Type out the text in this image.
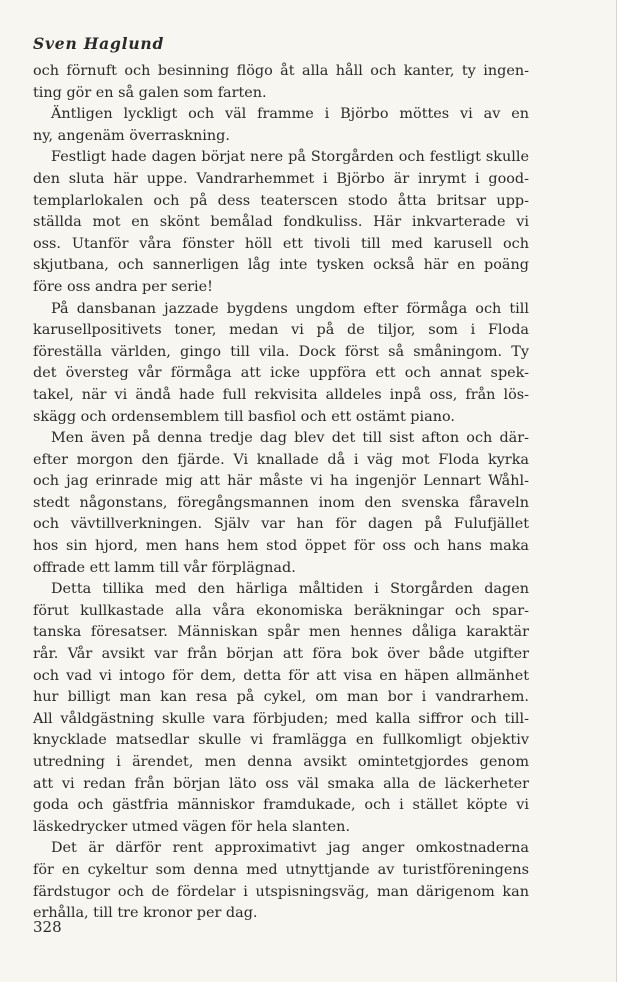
Sven Haglund

och förnuft och besinning flögo åt alla håll och kanter, ty ingen-

ting gör en så galen som farten.

Äntligen lyckligt och väl framme i Björbo möttes vi av en

ny, angenäm överraskning.

Festligt hade dagen börjat nere på Storgården och festligt skulle

den sluta här uppe. Vandrarhemmet i Björbo är inrymt i good-

templarlokalen och på dess teaterscen stodo åtta britsar upp-

ställda mot en skönt bemålad fondkuliss. Här inkvarterade vi

oss. Utanför våra fönster höll ett tivoli till med karusell och

skjutbana, och sannerligen låg inte tysken också här en poäng

före oss andra per serie!

På dansbanan jazzade bygdens ungdom efter förmåga och till

karusellpositivets toner, medan vi på de tiljor, som i Floda

föreställa världen, gingo till vila. Dock först så småningom. Ty

det översteg vår förmåga att icke uppföra ett och annat spek-

takel, när vi ändå hade full rekvisita alldeles inpå oss, från lös-

skägg och ordensemblem till basfiol och ett ostämt piano.

Men även på denna tredje dag blev det till sist afton och där-

efter morgon den fjärde. Vi knallade då i väg mot Floda kyrka

och jag erinrade mig att här måste vi ha ingenjör Lennart Wåhl-

stedt någonstans, föregångsmannen inom den svenska fåraveln

och vävtillverkningen. Själv var han för dagen på Fulufjället

hos sin hjord, men hans hem stod öppet för oss och hans maka

offrade ett lamm till vår förplägnad.

Detta tillika med den härliga måltiden i Storgården dagen

förut kullkastade alla våra ekonomiska beräkningar och spar-

tanska föresatser. Människan spår men hennes dåliga karaktär

rår. Vår avsikt var från början att föra bok över både utgifter

och vad vi intogo för dem, detta för att visa en häpen allmänhet

hur billigt man kan resa på cykel, om man bor i vandrarhem.

All våldgästning skulle vara förbjuden; med kalla siffror och till-

knycklade matsedlar skulle vi framlägga en fullkomligt objektiv

utredning i ärendet, men denna avsikt omintetgjordes genom

att vi redan från början läto oss väl smaka alla de läckerheter

goda och gästfria människor framdukade, och i stället köpte vi

läskedrycker utmed vägen för hela slanten.

Det är därför rent approximativt jag anger omkostnaderna

för en cykeltur som denna med utnyttjande av turistföreningens

färdstugor och de fördelar i utspisningsväg, man därigenom kan

erhålla, till tre kronor per dag.

328
